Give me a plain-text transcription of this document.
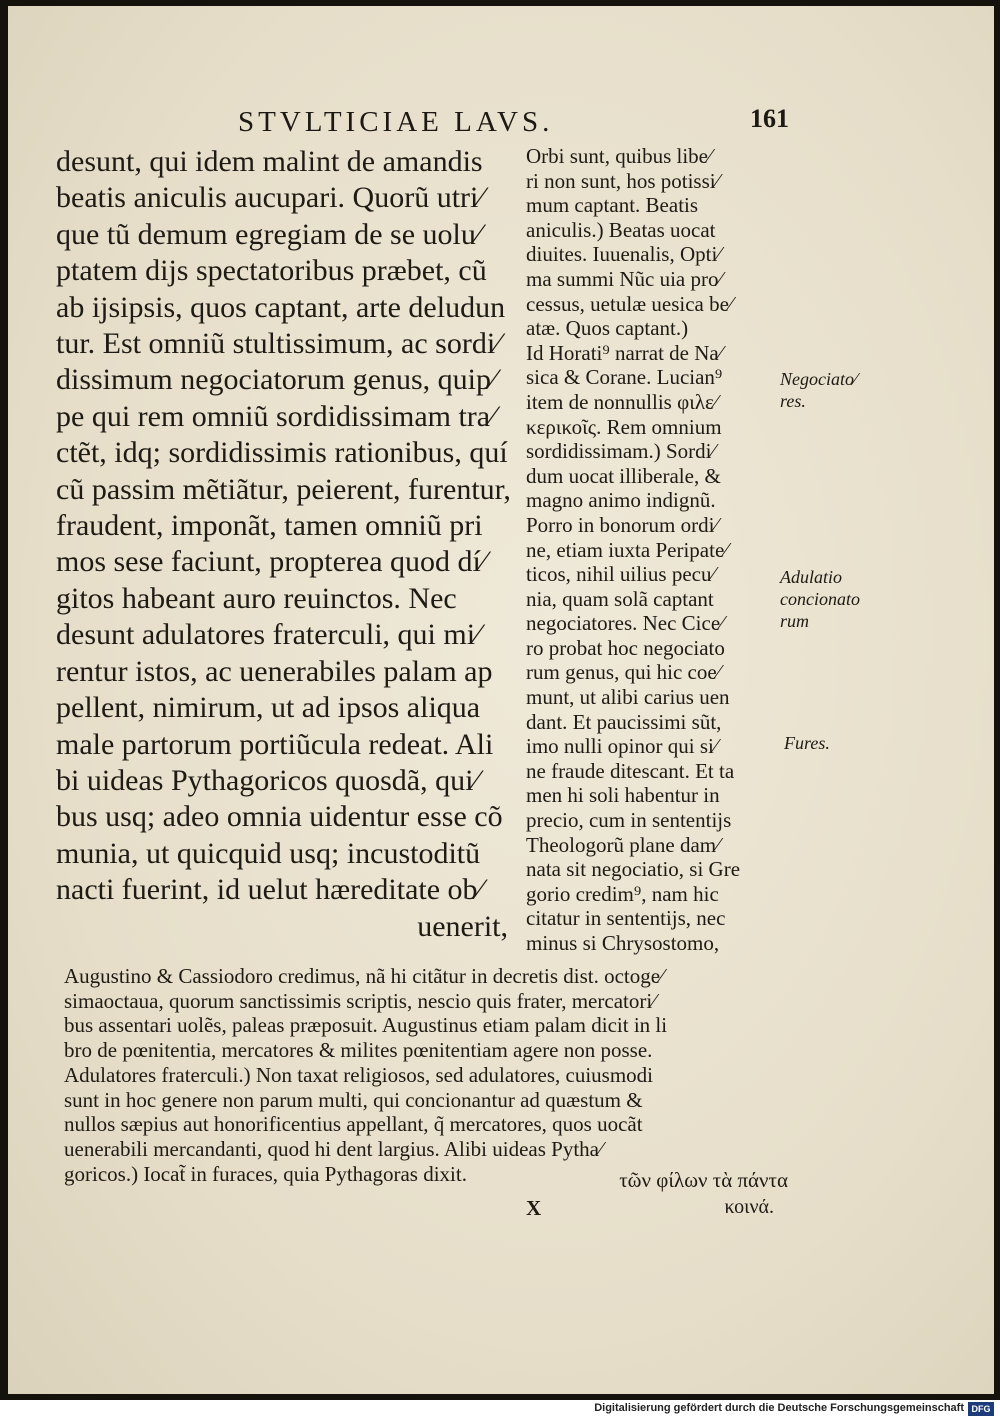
STVLTICIAE LAVS.	161
desunt, qui idem malint de amandis
beatis aniculis aucupari. Quorũ utri⁄
que tũ demum egregiam de se uolu⁄
ptatem dijs spectatoribus præbet, cũ
ab ijsipsis, quos captant, arte deludun
tur. Est omniũ stultissimum, ac sordi⁄
dissimum negociatorum genus, quip⁄
pe qui rem omniũ sordidissimam tra⁄
ctẽt, idq; sordidissimis rationibus, quí
cũ passim mẽtiãtur, peierent, furentur,
fraudent, imponãt, tamen omniũ pri
mos sese faciunt, propterea quod dí⁄
gitos habeant auro reuinctos. Nec
desunt adulatores fraterculi, qui mi⁄
rentur istos, ac uenerabiles palam ap
pellent, nimirum, ut ad ipsos aliqua
male partorum portiũcula redeat. Ali
bi uideas Pythagoricos quosdã, qui⁄
bus usq; adeo omnia uidentur esse cõ
munia, ut quicquid usq; incustoditũ
nacti fuerint, id uelut hæreditate ob⁄
uenerit,
Orbi sunt, quibus libe⁄
ri non sunt, hos potissi⁄
mum captant. Beatis
aniculis.) Beatas uocat
diuites. Iuuenalis, Opti⁄
ma summi Nũc uia pro⁄
cessus, uetulæ uesica be⁄
atæ. Quos captant.)
Id Horati⁹ narrat de Na⁄
sica & Corane. Lucian⁹
item de nonnullis φιλε⁄
κερικοῖς. Rem omnium
sordidissimam.) Sordi⁄
dum uocat illiberale, &
magno animo indignũ.
Porro in bonorum ordi⁄
ne, etiam iuxta Peripate⁄
ticos, nihil uilius pecu⁄
nia, quam solã captant
negociatores. Nec Cice⁄
ro probat hoc negociato
rum genus, qui hic coe⁄
munt, ut alibi carius uen
dant. Et paucissimi sũt,
imo nulli opinor qui si⁄
ne fraude ditescant. Et ta
men hi soli habentur in
precio, cum in sententijs
Theologorũ plane dam⁄
nata sit negociatio, si Gre
gorio credim⁹, nam hic
citatur in sententijs, nec
minus si Chrysostomo,
Augustino & Cassiodoro credimus, nã hi citãtur in decretis dist. octoge⁄
simaoctaua, quorum sanctissimis scriptis, nescio quis frater, mercatori⁄
bus assentari uolẽs, paleas præposuit. Augustinus etiam palam dicit in li
bro de pœnitentia, mercatores & milites pœnitentiam agere non posse.
Adulatores fraterculi.) Non taxat religiosos, sed adulatores, cuiusmodi
sunt in hoc genere non parum multi, qui concionantur ad quæstum &
nullos sæpius aut honorificentius appellant, q̃ mercatores, quos uocãt
uenerabili mercandanti, quod hi dent largius. Alibi uideas Pytha⁄
goricos.) Iocat̃ in furaces, quia Pythagoras dixit.	τῶν φίλων τὰ πάντα
κοινά.
X
Negociato⁄
res.
Adulatio
concionato
rum
Fures.
Digitalisierung gefördert durch die Deutsche Forschungsgemeinschaft DFG
